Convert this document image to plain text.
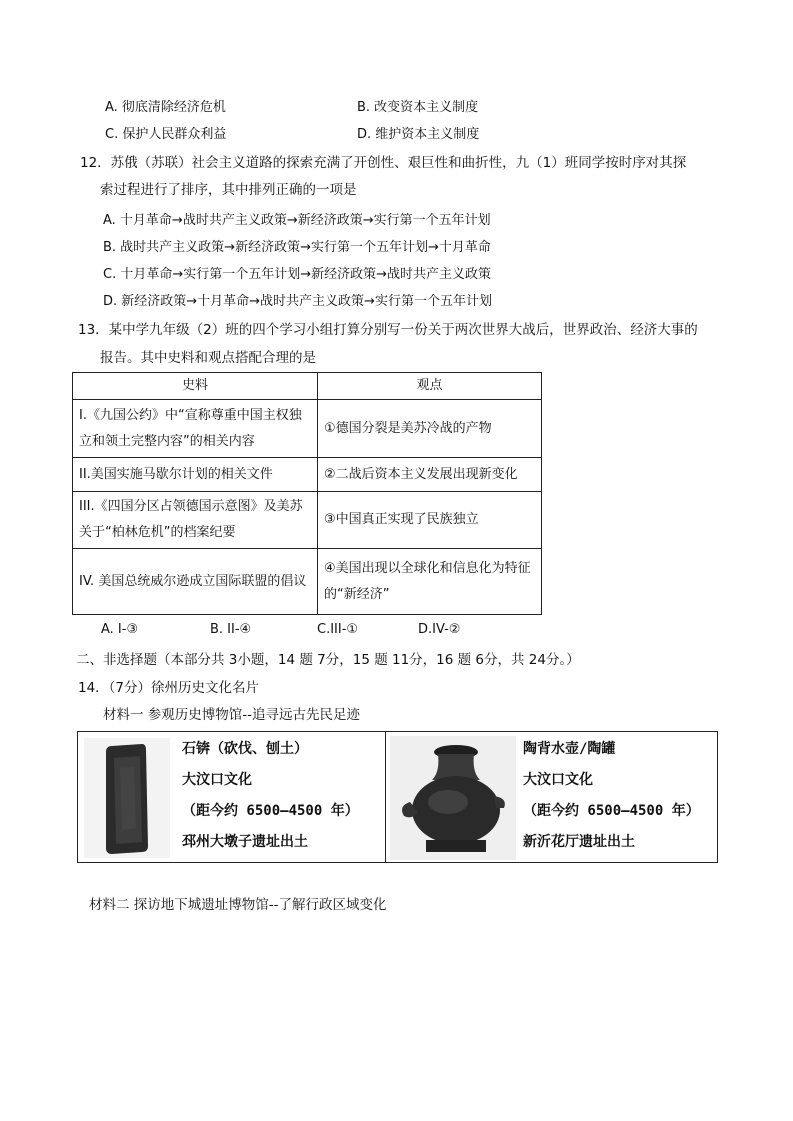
A. 彻底清除经济危机	B. 改变资本主义制度
C. 保护人民群众利益	D. 维护资本主义制度
12．苏俄（苏联）社会主义道路的探索充满了开创性、艰巨性和曲折性，九（1）班同学按时序对其探
索过程进行了排序，其中排列正确的一项是
A. 十月革命→战时共产主义政策→新经济政策→实行第一个五年计划
B. 战时共产主义政策→新经济政策→实行第一个五年计划→十月革命
C. 十月革命→实行第一个五年计划→新经济政策→战时共产主义政策
D. 新经济政策→十月革命→战时共产主义政策→实行第一个五年计划
13．某中学九年级（2）班的四个学习小组打算分别写一份关于两次世界大战后，世界政治、经济大事的
报告。其中史料和观点搭配合理的是
史料	观点
I.《九国公约》中“宣称尊重中国主权独立和领土完整内容”的相关内容	①德国分裂是美苏冷战的产物
II.美国实施马歇尔计划的相关文件	②二战后资本主义发展出现新变化
III.《四国分区占领德国示意图》及美苏关于“柏林危机”的档案纪要	③中国真正实现了民族独立
IV. 美国总统威尔逊成立国际联盟的倡议	④美国出现以全球化和信息化为特征的“新经济”
A. I-③	B. II-④	C.III-①	D.IV-②
二、非选择题（本部分共 3小题，14 题 7分，15 题 11分，16 题 6分，共 24分。）
14．（7分）徐州历史文化名片
材料一 参观历史博物馆--追寻远古先民足迹
石锛（砍伐、刨土）
大汶口文化
（距今约 6500—4500 年）
邳州大墩子遗址出土
陶背水壶/陶罐
大汶口文化
（距今约 6500—4500 年）
新沂花厅遗址出土
材料二 探访地下城遗址博物馆--了解行政区域变化
